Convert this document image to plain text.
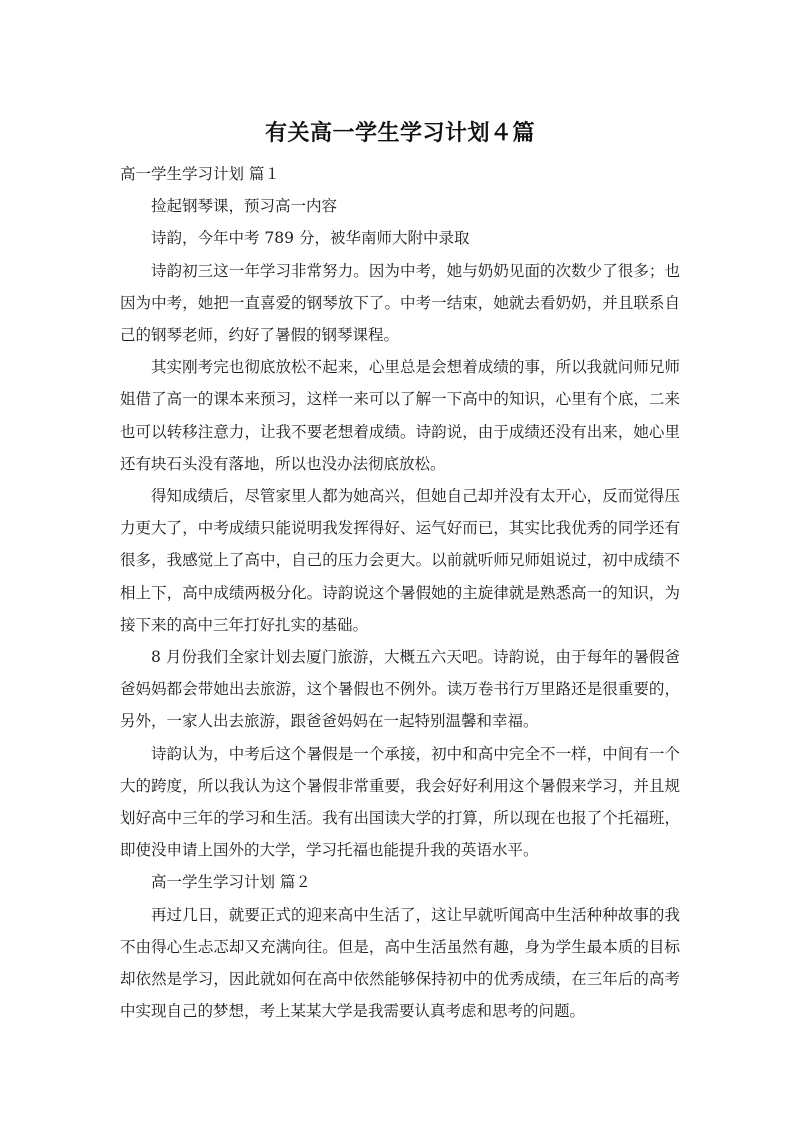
有关高一学生学习计划４篇

高一学生学习计划 篇１

捡起钢琴课，预习高一内容

诗韵，今年中考 789 分，被华南师大附中录取

诗韵初三这一年学习非常努力。因为中考，她与奶奶见面的次数少了很多；也因为中考，她把一直喜爱的钢琴放下了。中考一结束，她就去看奶奶，并且联系自己的钢琴老师，约好了暑假的钢琴课程。

其实刚考完也彻底放松不起来，心里总是会想着成绩的事，所以我就问师兄师姐借了高一的课本来预习，这样一来可以了解一下高中的知识，心里有个底，二来也可以转移注意力，让我不要老想着成绩。诗韵说，由于成绩还没有出来，她心里还有块石头没有落地，所以也没办法彻底放松。

得知成绩后，尽管家里人都为她高兴，但她自己却并没有太开心，反而觉得压力更大了，中考成绩只能说明我发挥得好、运气好而已，其实比我优秀的同学还有很多，我感觉上了高中，自己的压力会更大。以前就听师兄师姐说过，初中成绩不相上下，高中成绩两极分化。诗韵说这个暑假她的主旋律就是熟悉高一的知识，为接下来的高中三年打好扎实的基础。

8 月份我们全家计划去厦门旅游，大概五六天吧。诗韵说，由于每年的暑假爸爸妈妈都会带她出去旅游，这个暑假也不例外。读万卷书行万里路还是很重要的，另外，一家人出去旅游，跟爸爸妈妈在一起特别温馨和幸福。

诗韵认为，中考后这个暑假是一个承接，初中和高中完全不一样，中间有一个大的跨度，所以我认为这个暑假非常重要，我会好好利用这个暑假来学习，并且规划好高中三年的学习和生活。我有出国读大学的打算，所以现在也报了个托福班，即使没申请上国外的大学，学习托福也能提升我的英语水平。

高一学生学习计划 篇２

再过几日，就要正式的迎来高中生活了，这让早就听闻高中生活种种故事的我不由得心生忐忑却又充满向往。但是，高中生活虽然有趣，身为学生最本质的目标却依然是学习，因此就如何在高中依然能够保持初中的优秀成绩，在三年后的高考中实现自己的梦想，考上某某大学是我需要认真考虑和思考的问题。
